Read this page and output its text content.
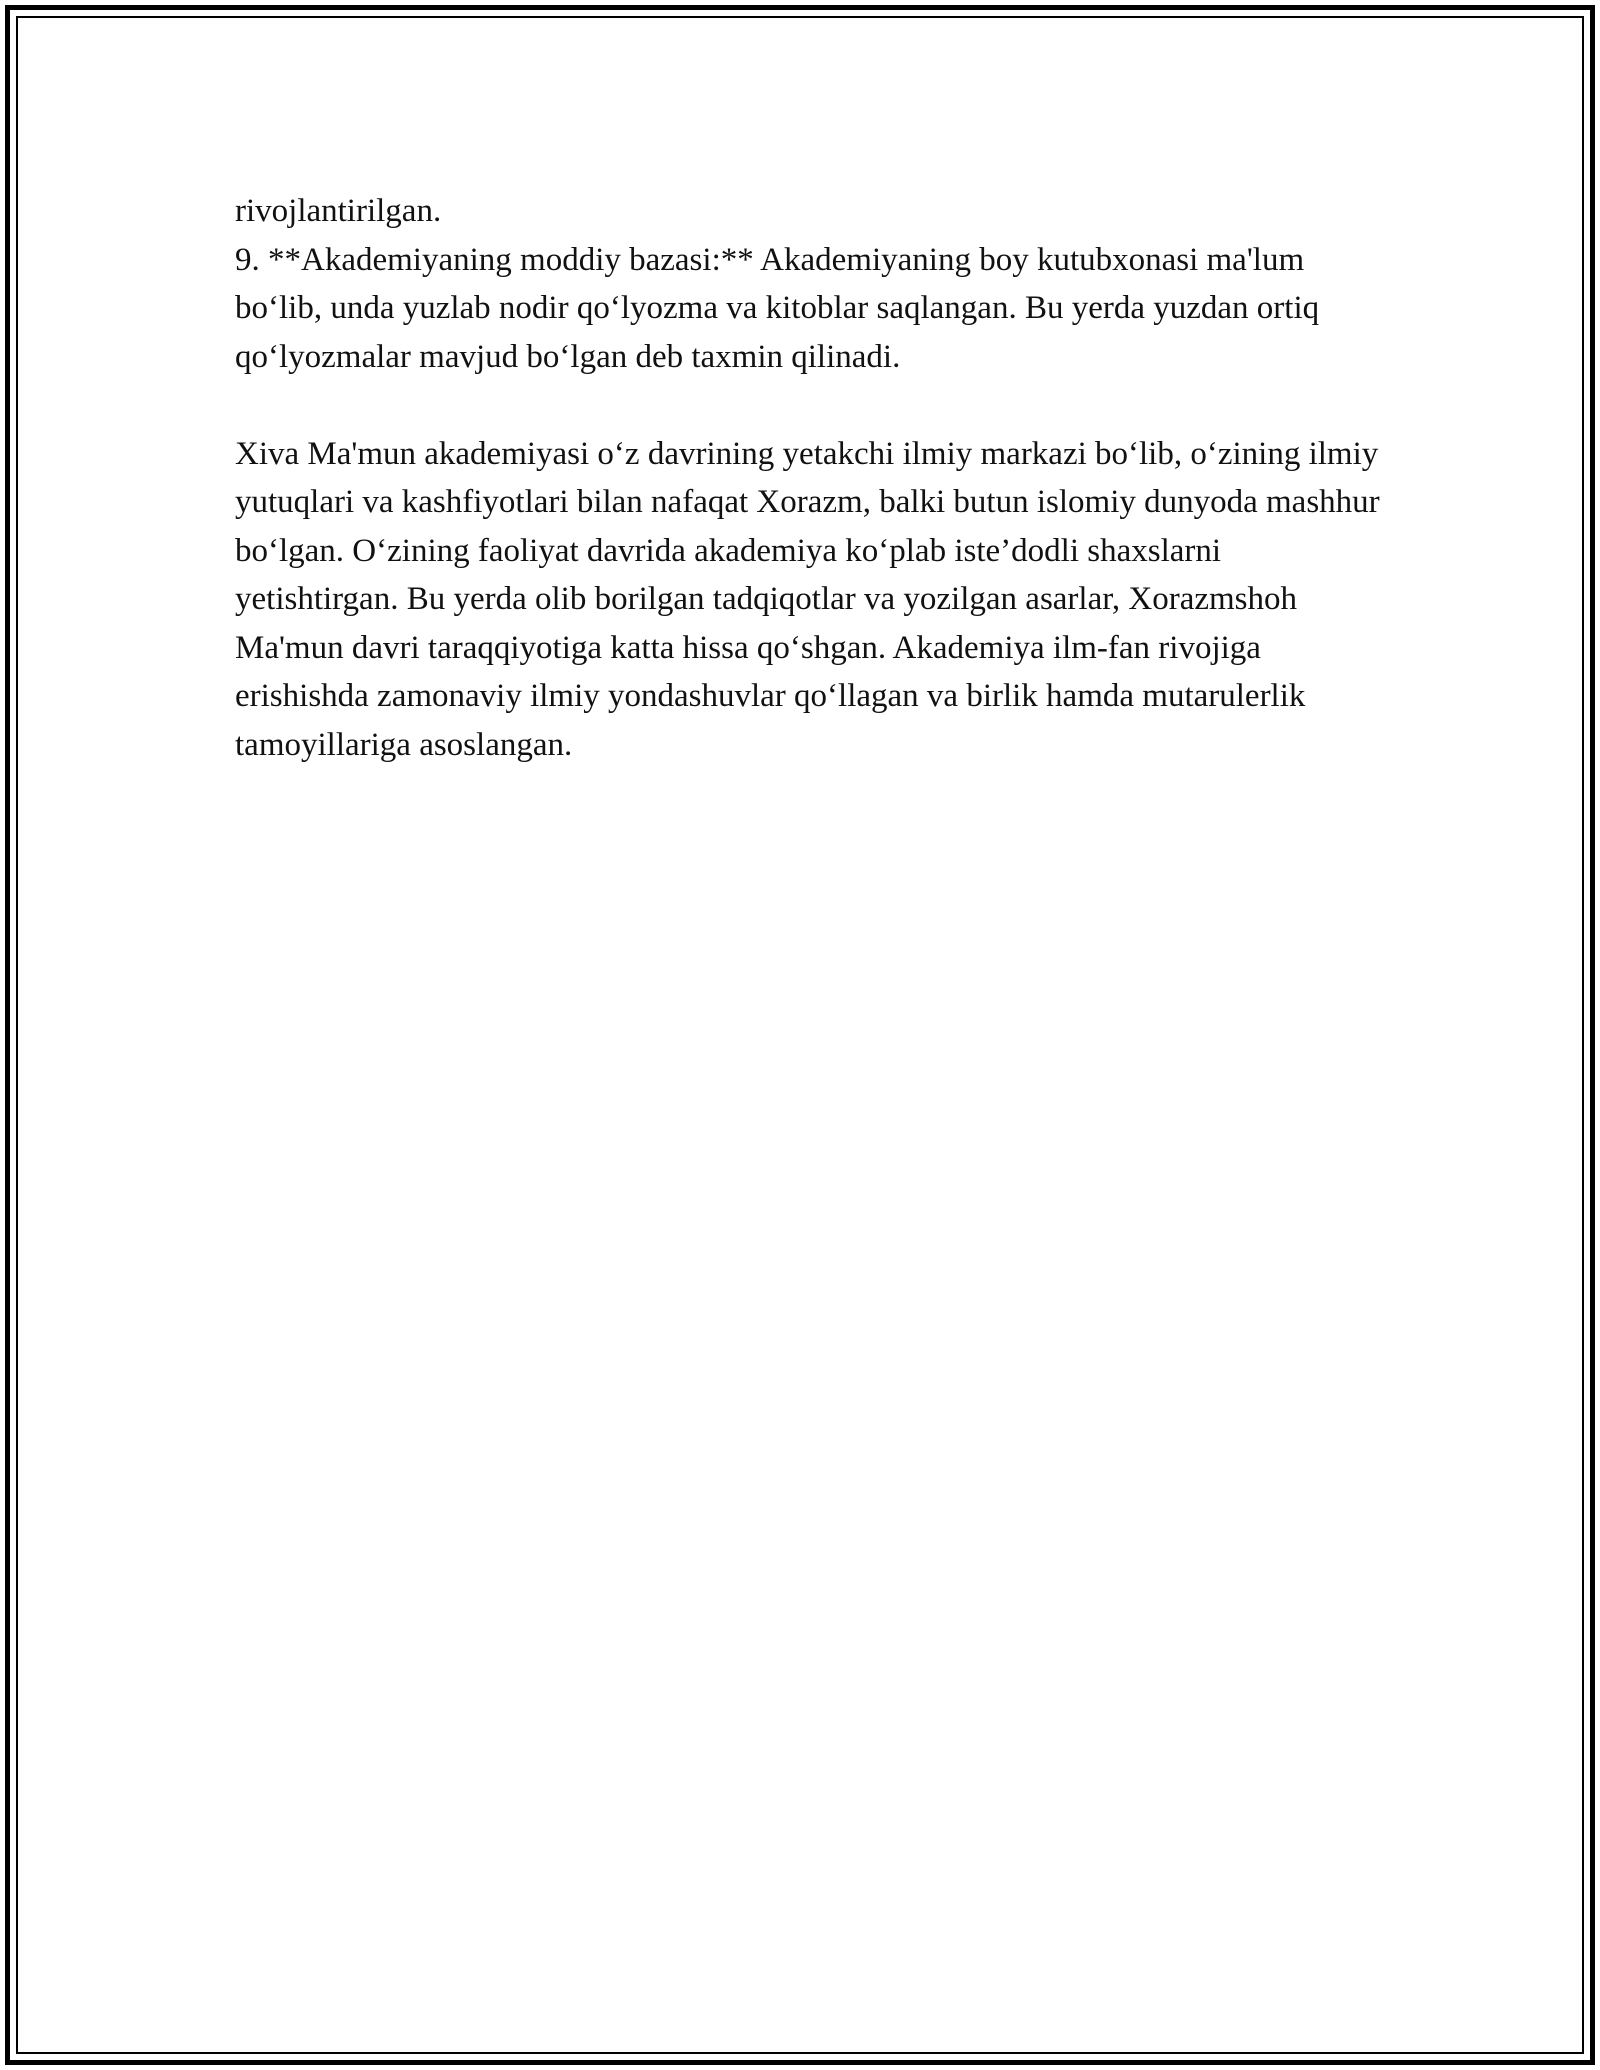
rivojlantirilgan.

9. **Akademiyaning moddiy bazasi:** Akademiyaning boy kutubxonasi ma'lum bo‘lib, unda yuzlab nodir qo‘lyozma va kitoblar saqlangan. Bu yerda yuzdan ortiq qo‘lyozmalar mavjud bo‘lgan deb taxmin qilinadi.

Xiva Ma'mun akademiyasi o‘z davrining yetakchi ilmiy markazi bo‘lib, o‘zining ilmiy yutuqlari va kashfiyotlari bilan nafaqat Xorazm, balki butun islomiy dunyoda mashhur bo‘lgan. O‘zining faoliyat davrida akademiya ko‘plab iste’dodli shaxslarni yetishtirgan. Bu yerda olib borilgan tadqiqotlar va yozilgan asarlar, Xorazmshoh Ma'mun davri taraqqiyotiga katta hissa qo‘shgan. Akademiya ilm-fan rivojiga erishishda zamonaviy ilmiy yondashuvlar qo‘llagan va birlik hamda mutarulerlik tamoyillariga asoslangan.
